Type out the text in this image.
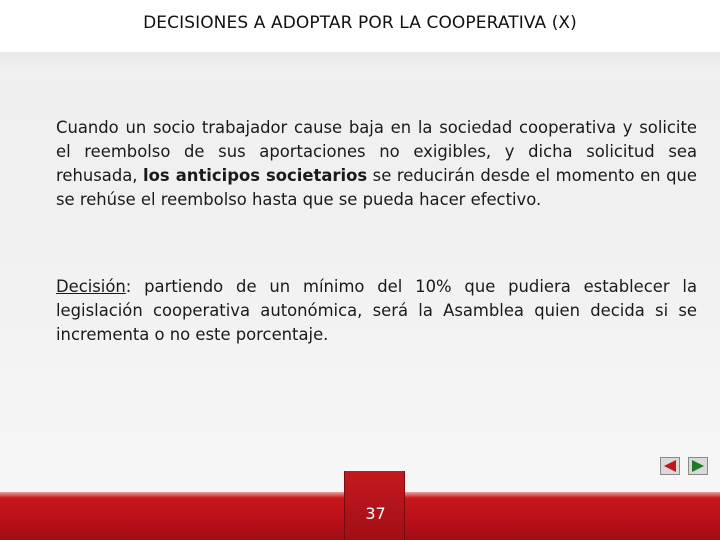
DECISIONES A ADOPTAR POR LA COOPERATIVA (X)

Cuando un socio trabajador cause baja en la sociedad cooperativa y solicite el reembolso de sus aportaciones no exigibles, y dicha solicitud sea rehusada, los anticipos societarios se reducirán desde el momento en que se rehúse el reembolso hasta que se pueda hacer efectivo.

Decisión: partiendo de un mínimo del 10% que pudiera establecer la legislación cooperativa autonómica, será la Asamblea quien decida si se incrementa o no este porcentaje.

37
